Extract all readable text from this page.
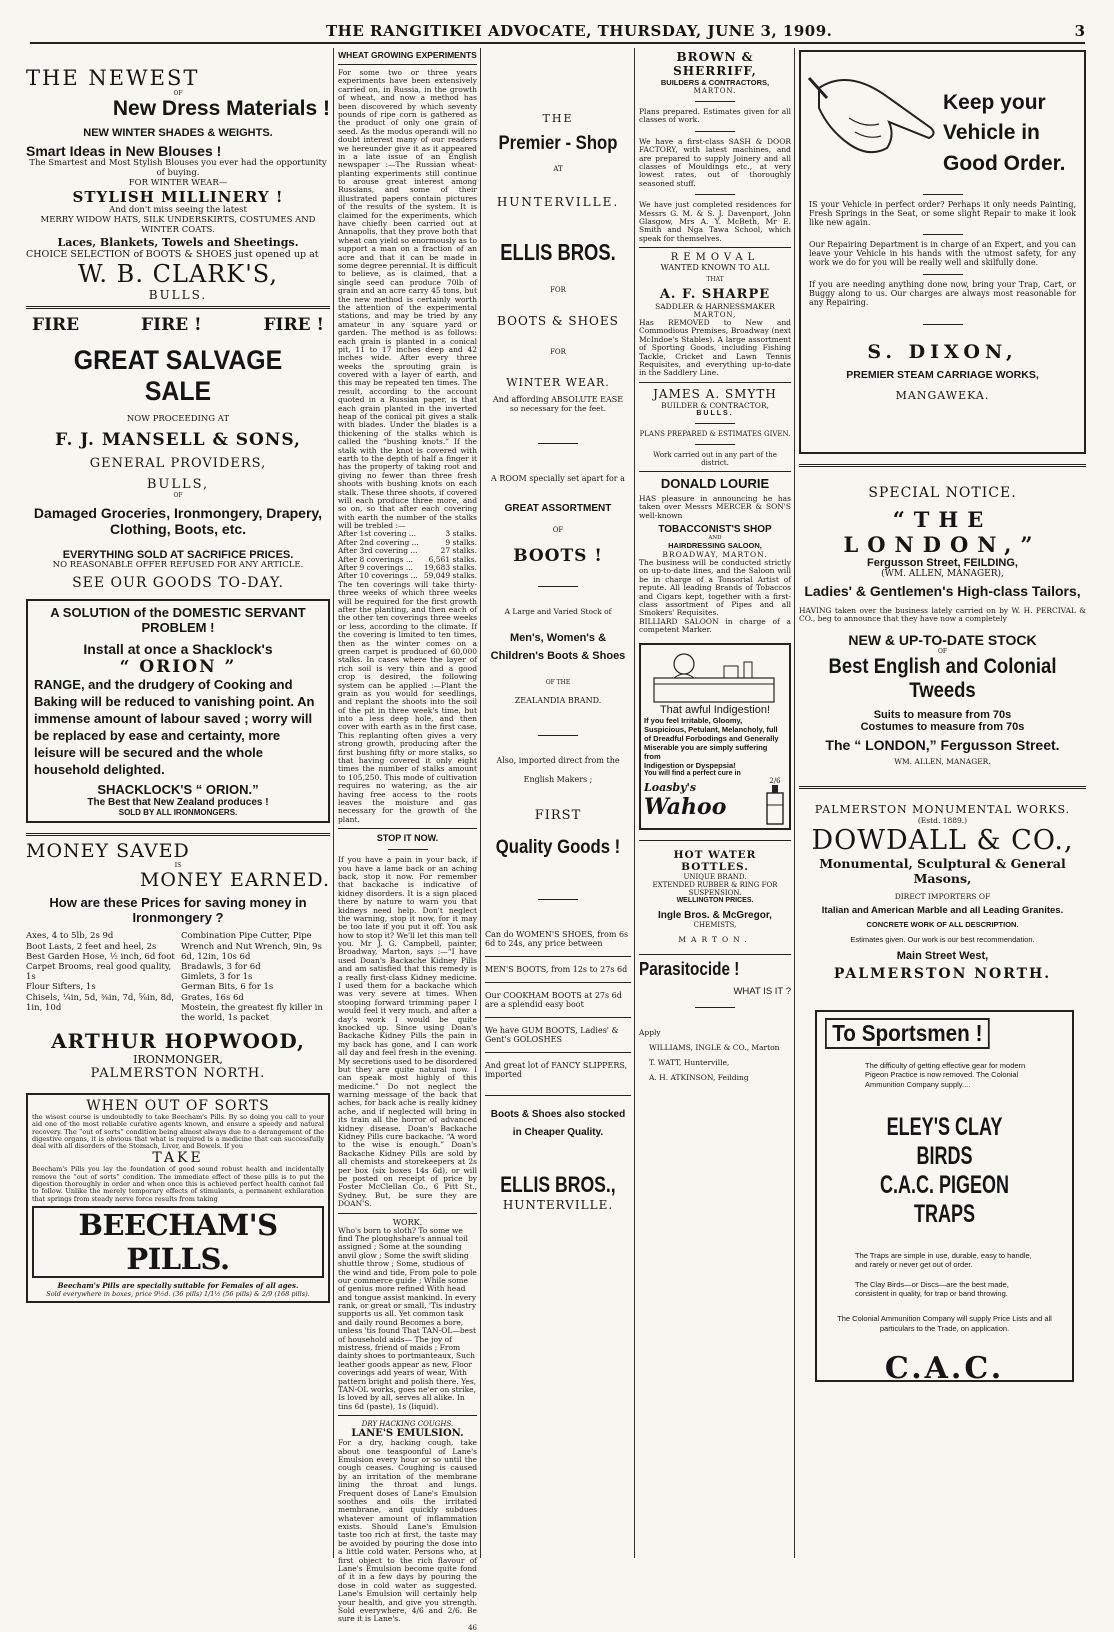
THE RANGITIKEI ADVOCATE, THURSDAY, JUNE 3, 1909.	3
THE NEWEST
OF
New Dress Materials !
NEW WINTER SHADES & WEIGHTS.
Smart Ideas in New Blouses !
The Smartest and Most Stylish Blouses you ever had the opportunity of buying.
FOR WINTER WEAR—
STYLISH MILLINERY !
And don't miss seeing the latest
MERRY WIDOW HATS, SILK UNDERSKIRTS, COSTUMES AND WINTER COATS.
Laces, Blankets, Towels and Sheetings.
CHOICE SELECTION of BOOTS & SHOES just opened up at
W. B. CLARK'S,
BULLS.
FIRE	FIRE !	FIRE !
GREAT SALVAGE SALE
NOW PROCEEDING AT
F. J. MANSELL & SONS,
GENERAL PROVIDERS,
BULLS,
OF
Damaged Groceries, Ironmongery, Drapery, Clothing, Boots, etc.
EVERYTHING SOLD AT SACRIFICE PRICES.
NO REASONABLE OFFER REFUSED FOR ANY ARTICLE.
SEE OUR GOODS TO-DAY.
A SOLUTION of the DOMESTIC SERVANT PROBLEM !
Install at once a Shacklock's
“ ORION ”
RANGE, and the drudgery of Cooking and Baking will be reduced to vanishing point. An immense amount of labour saved ; worry will be replaced by ease and certainty, more leisure will be secured and the whole household delighted.
SHACKLOCK'S “ ORION.”
The Best that New Zealand produces !
SOLD BY ALL IRONMONGERS.
MONEY SAVED
IS
MONEY EARNED.
How are these Prices for saving money in Ironmongery ?
Axes, 4 to 5lb, 2s 9d
Boot Lasts, 2 feet and heel, 2s
Best Garden Hose, ½ inch, 6d foot
Carpet Brooms, real good quality, 1s
Flour Sifters, 1s
Chisels, ¼in, 5d, ⅜in, 7d, ⅝in, 8d, 1in, 10d
Combination Pipe Cutter, Pipe Wrench and Nut Wrench, 9in, 9s 6d, 12in, 10s 6d
Bradawls, 3 for 6d
Gimlets, 3 for 1s
German Bits, 6 for 1s
Grates, 16s 6d
Mostein, the greatest fly killer in the world, 1s packet
ARTHUR HOPWOOD,
IRONMONGER,
PALMERSTON NORTH.
WHEN OUT OF SORTS
the wisest course is undoubtedly to take Beecham's Pills. By so doing you call to your aid one of the most reliable curative agents known, and ensure a speedy and natural recovery. The “out of sorts” condition being almost always due to a derangement of the digestive organs, it is obvious that what is required is a medicine that can successfully deal with all disorders of the Stomach, Liver, and Bowels. If you
TAKE
Beecham's Pills you lay the foundation of good sound robust health and incidentally remove the “out of sorts” condition. The immediate effect of these pills is to put the digestion thoroughly in order and when once this is achieved perfect health cannot fail to follow. Unlike the merely temporary effects of stimulants, a permanent exhilaration that springs from steady nerve force results from taking
BEECHAM'S PILLS.
Beecham's Pills are specially suitable for Females of all ages.
Sold everywhere in boxes, price 9½d. (36 pills) 1/1½ (56 pills) & 2/9 (168 pills).
WHEAT GROWING EXPERIMENTS
For some two or three years experiments have been extensively carried on, in Russia, in the growth of wheat, and now a method has been discovered by which seventy pounds of ripe corn is gathered as the product of only one grain of seed. As the modus operandi will no doubt interest many of our readers we hereunder give it as it appeared in a late issue of an English newspaper :—The Russian wheat-planting experiments still continue to arouse great interest among Russians, and some of their illustrated papers contain pictures of the results of the system. It is claimed for the experiments, which have chiefly been carried out at Annapolis, that they prove both that wheat can yield so enormously as to support a man on a fraction of an acre and that it can be made in some degree perennial. It is difficult to believe, as is claimed, that a single seed can produce 70lb of grain and an acre carry 45 tons, but the new method is certainly worth the attention of the experimental stations, and may be tried by any amateur in any square yard or garden. The method is as follows: each grain is planted in a conical pit, 11 to 17 inches deep and 42 inches wide. After every three weeks the sprouting grain is covered with a layer of earth, and this may be repeated ten times. The result, according to the account quoted in a Russian paper, is that each grain planted in the inverted heap of the conical pit gives a stalk with blades. Under the blades is a thickening of the stalks which is called the “bushing knots.” If the stalk with the knot is covered with earth to the depth of half a finger it has the property of taking root and giving no fewer than three fresh shoots with bushing knots on each stalk. These three shoots, if covered will each produce three more, and so on, so that after each covering with earth the number of the stalks will be trebled :—
After 1st covering ...	3 stalks.
After 2nd covering ...	9 stalks.
After 3rd covering ...	27 stalks.
After 8 coverings ... 6,561 stalks.
After 9 coverings ... 19,683 stalks.
After 10 coverings ... 59,049 stalks.
The ten coverings will take thirty-three weeks of which three weeks will be required for the first growth after the planting, and then each of the other ten coverings three weeks or less, according to the climate. If the covering is limited to ten times, then as the winter comes on a green carpet is produced of 60,000 stalks. In cases where the layer of rich soil is very thin and a good crop is desired, the following system can be applied :—Plant the grain as you would for seedlings, and replant the shoots into the soil of the pit in three week's time, but into a less deep hole, and then cover with earth as in the first case. This replanting often gives a very strong growth, producing after the first bushing fifty or more stalks, so that having covered it only eight times the number of stalks amount to 105,250. This mode of cultivation requires no watering, as the air having free access to the roots leaves the moisture and gas necessary for the growth of the plant.
STOP IT NOW.
If you have a pain in your back, if you have a lame back or an aching back, stop it now. For remember that backache is indicative of kidney disorders. It is a sign placed there by nature to warn you that kidneys need help. Don't neglect the warning, stop it now, for it may be too late if you put it off. You ask how to stop it? We'll let this man tell you. Mr J. G. Campbell, painter, Broadway, Marton, says :—“I have used Doan's Backache Kidney Pills and am satisfied that this remedy is a really first-class Kidney medicine. I used them for a backache which was very severe at times. When stooping forward trimming paper I would feel it very much, and after a day's work I would be quite knocked up. Since using Doan's Backache Kidney Pills the pain in my back has gone, and I can work all day and feel fresh in the evening. My secretions used to be disordered but they are quite natural now. I can speak most highly of this medicine.” Do not neglect the warning message of the back that aches, for back ache is really kidney ache, and if neglected will bring in its train all the horror of advanced kidney disease. Doan's Backache Kidney Pills cure backache. “A word to the wise is enough.” Doan's Backache Kidney Pills are sold by all chemists and storekeepers at 2s per box (six boxes 14s 6d), or will be posted on receipt of price by Foster McClellan Co., 6 Pitt St., Sydney. But, be sure they are DOAN'S.
WORK.
Who's born to sloth? To some we find The ploughshare's annual toil assigned ; Some at the sounding anvil glow ; Some the swift sliding shuttle throw ; Some, studious of the wind and tide, From pole to pole our commerce guide ; While some of genius more refined With head and tongue assist mankind. In every rank, or great or small, 'Tis industry supports us all. Yet common task and daily round Becomes a bore, unless 'tis found That TAN-OL—best of household aids— The joy of mistress, friend of maids ; From dainty shoes to portmanteaux, Such leather goods appear as new, Floor coverings add years of wear, With pattern bright and polish there. Yes, TAN-OL works, goes ne'er on strike, Is loved by all, serves all alike. In tins 6d (paste), 1s (liquid).
DRY HACKING COUGHS.
LANE'S EMULSION.
For a dry, hacking cough, take about one teaspoonful of Lane's Emulsion every hour or so until the cough ceases. Coughing is caused by an irritation of the membrane lining the throat and lungs. Frequent doses of Lane's Emulsion soothes and oils the irritated membrane, and quickly subdues whatever amount of inflammation exists. Should Lane's Emulsion taste too rich at first, the taste may be avoided by pouring the dose into a little cold water. Persons who, at first object to the rich flavour of Lane's Emulsion become quite fond of it in a few days by pouring the dose in cold water as suggested. Lane's Emulsion will certainly help your health, and give you strength. Sold everywhere, 4/6 and 2/6. Be sure it is Lane's.
46
THE
Premier - Shop
AT
HUNTERVILLE.
ELLIS BROS.
FOR
BOOTS & SHOES
FOR
WINTER WEAR.
And affording ABSOLUTE EASE
so necessary for the feet.
A ROOM specially set apart for a
GREAT ASSORTMENT
OF
BOOTS !
A Large and Varied Stock of
Men's, Women's & Children's Boots & Shoes
OF THE
ZEALANDIA BRAND.
Also, imported direct from the
English Makers ;
FIRST
Quality Goods !
Can do WOMEN'S SHOES, from 6s 6d to 24s, any price between
MEN'S BOOTS, from 12s to 27s 6d
Our COOKHAM BOOTS at 27s 6d are a splendid easy boot
We have GUM BOOTS, Ladies' & Gent's GOLOSHES
And great lot of FANCY SLIPPERS, imported
Boots & Shoes also stocked in Cheaper Quality.
ELLIS BROS.,
HUNTERVILLE.
BROWN & SHERRIFF,
BUILDERS & CONTRACTORS,
MARTON.
Plans prepared. Estimates given for all classes of work.
We have a first-class SASH & DOOR FACTORY, with latest machines, and are prepared to supply Joinery and all classes of Mouldings etc., at very lowest rates, out of thoroughly seasoned stuff.
We have just completed residences for Messrs G. M. & S. J. Davenport, John Glasgow, Mrs A. Y. McBeth, Mr E. Smith and Nga Tawa School, which speak for themselves.
REMOVAL
WANTED KNOWN TO ALL
THAT
A. F. SHARPE
SADDLER & HARNESSMAKER
MARTON,
Has REMOVED to New and Commodious Premises, Broadway (next McIndoe's Stables). A large assortment of Sporting Goods, including Fishing Tackle, Cricket and Lawn Tennis Requisites, and everything up-to-date in the Saddlery Line.
JAMES A. SMYTH
BUILDER & CONTRACTOR,
BULLS.
PLANS PREPARED & ESTIMATES GIVEN.
Work carried out in any part of the district.
DONALD LOURIE
HAS pleasure in announcing he has taken over Messrs MERCER & SON'S well-known
TOBACCONIST'S SHOP
AND
HAIRDRESSING SALOON,
BROADWAY, MARTON.
The business will be conducted strictly on up-to-date lines, and the Saloon will be in charge of a Tonsorial Artist of repute. All leading Brands of Tobaccos and Cigars kept, together with a first-class assortment of Pipes and all Smokers' Requisites.
BILLIARD SALOON in charge of a competent Marker.
That awful Indigestion!
If you feel Irritable, Gloomy, Suspicious, Petulant, Melancholy, full of Dreadful Forbodings and Generally Miserable you are simply suffering from
Indigestion or Dyspepsia!
You will find a perfect cure in
Loasby's
Wahoo
2/6
HOT WATER BOTTLES.
UNIQUE BRAND.
EXTENDED RUBBER & RING FOR SUSPENSION.
WELLINGTON PRICES.
Ingle Bros. & McGregor,
CHEMISTS,
MARTON.
Parasitocide !
WHAT IS IT ?
Apply
WILLIAMS, INGLE & CO., Marton
T. WATT, Hunterville,
A. H. ATKINSON, Feilding
Keep your
Vehicle in
Good Order.
IS your Vehicle in perfect order? Perhaps it only needs Painting, Fresh Springs in the Seat, or some slight Repair to make it look like new again.
Our Repairing Department is in charge of an Expert, and you can leave your Vehicle in his hands with the utmost safety, for any work we do for you will be really well and skilfully done.
If you are needing anything done now, bring your Trap, Cart, or Buggy along to us. Our charges are always most reasonable for any Repairing.
S. DIXON,
PREMIER STEAM CARRIAGE WORKS,
MANGAWEKA.
SPECIAL NOTICE.
“THE LONDON,”
Fergusson Street, FEILDING,
(WM. ALLEN, MANAGER),
Ladies' & Gentlemen's High-class Tailors,
HAVING taken over the business lately carried on by W. H. PERCIVAL & CO., beg to announce that they have now a completely
NEW & UP-TO-DATE STOCK
OF
Best English and Colonial Tweeds
Suits to measure from 70s
Costumes to measure from 70s
The “ LONDON,” Fergusson Street.
WM. ALLEN, MANAGER.
PALMERSTON MONUMENTAL WORKS.
(Estd. 1889.)
DOWDALL & CO.,
Monumental, Sculptural & General Masons,
DIRECT IMPORTERS OF
Italian and American Marble and all Leading Granites.
CONCRETE WORK OF ALL DESCRIPTION.
Estimates given. Our work is our best recommendation.
Main Street West,
PALMERSTON NORTH.
To Sportsmen !
The difficulty of getting effective gear for modern Pigeon Practice is now removed. The Colonial Ammunition Company supply....
ELEY'S CLAY BIRDS
C.A.C. PIGEON TRAPS
The Traps are simple in use, durable, easy to handle, and rarely or never get out of order.
The Clay Birds—or Discs—are the best made, consistent in quality, for trap or band throwing.
The Colonial Ammunition Company will supply Price Lists and all particulars to the Trade, on application.
C.A.C.
